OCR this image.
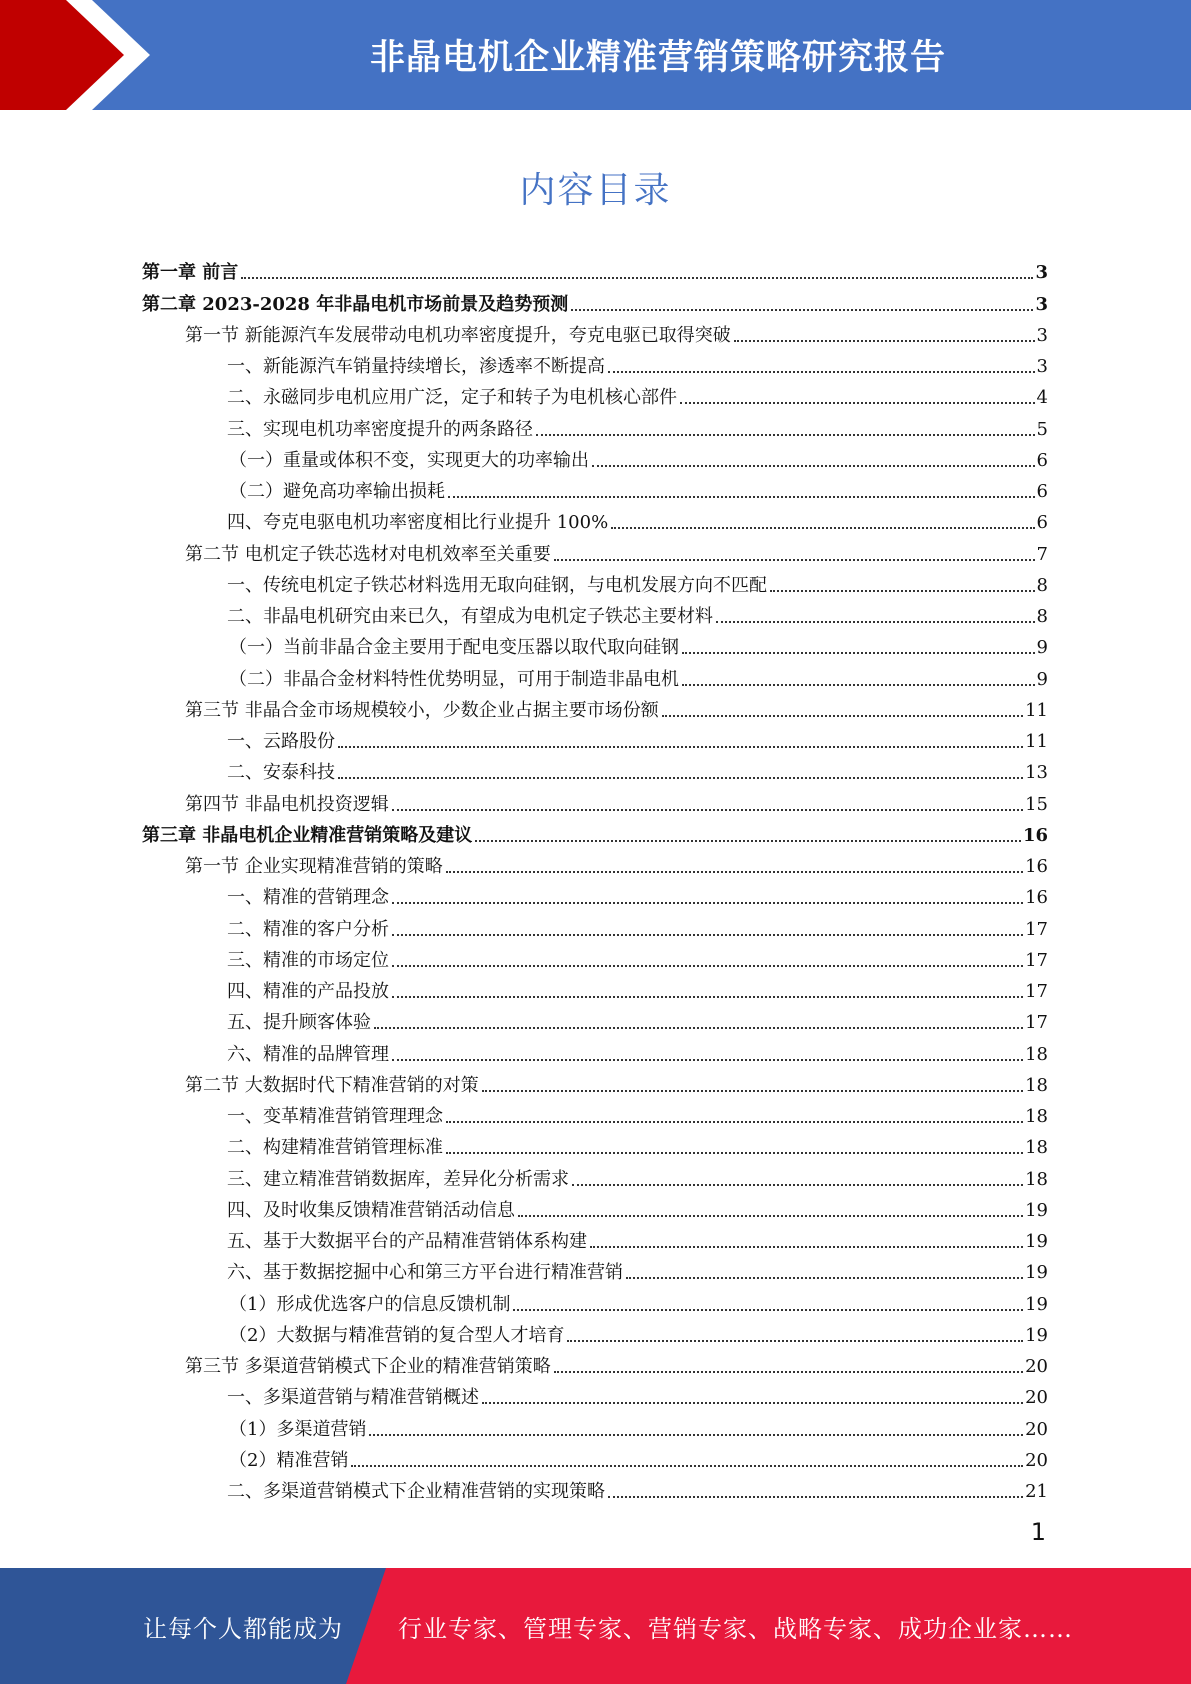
非晶电机企业精准营销策略研究报告
内容目录
第一章 前言	3
第二章 2023-2028 年非晶电机市场前景及趋势预测	3
第一节 新能源汽车发展带动电机功率密度提升，夸克电驱已取得突破	3
一、新能源汽车销量持续增长，渗透率不断提高	3
二、永磁同步电机应用广泛，定子和转子为电机核心部件	4
三、实现电机功率密度提升的两条路径	5
（一）重量或体积不变，实现更大的功率输出	6
（二）避免高功率输出损耗	6
四、夸克电驱电机功率密度相比行业提升 100%	6
第二节 电机定子铁芯选材对电机效率至关重要	7
一、传统电机定子铁芯材料选用无取向硅钢，与电机发展方向不匹配	8
二、非晶电机研究由来已久，有望成为电机定子铁芯主要材料	8
（一）当前非晶合金主要用于配电变压器以取代取向硅钢	9
（二）非晶合金材料特性优势明显，可用于制造非晶电机	9
第三节 非晶合金市场规模较小，少数企业占据主要市场份额	11
一、云路股份	11
二、安泰科技	13
第四节 非晶电机投资逻辑	15
第三章 非晶电机企业精准营销策略及建议	16
第一节 企业实现精准营销的策略	16
一、精准的营销理念	16
二、精准的客户分析	17
三、精准的市场定位	17
四、精准的产品投放	17
五、提升顾客体验	17
六、精准的品牌管理	18
第二节 大数据时代下精准营销的对策	18
一、变革精准营销管理理念	18
二、构建精准营销管理标准	18
三、建立精准营销数据库，差异化分析需求	18
四、及时收集反馈精准营销活动信息	19
五、基于大数据平台的产品精准营销体系构建	19
六、基于数据挖掘中心和第三方平台进行精准营销	19
（1）形成优选客户的信息反馈机制	19
（2）大数据与精准营销的复合型人才培育	19
第三节 多渠道营销模式下企业的精准营销策略	20
一、多渠道营销与精准营销概述	20
（1）多渠道营销	20
（2）精准营销	20
二、多渠道营销模式下企业精准营销的实现策略	21
1
让每个人都能成为 行业专家、管理专家、营销专家、战略专家、成功企业家……
